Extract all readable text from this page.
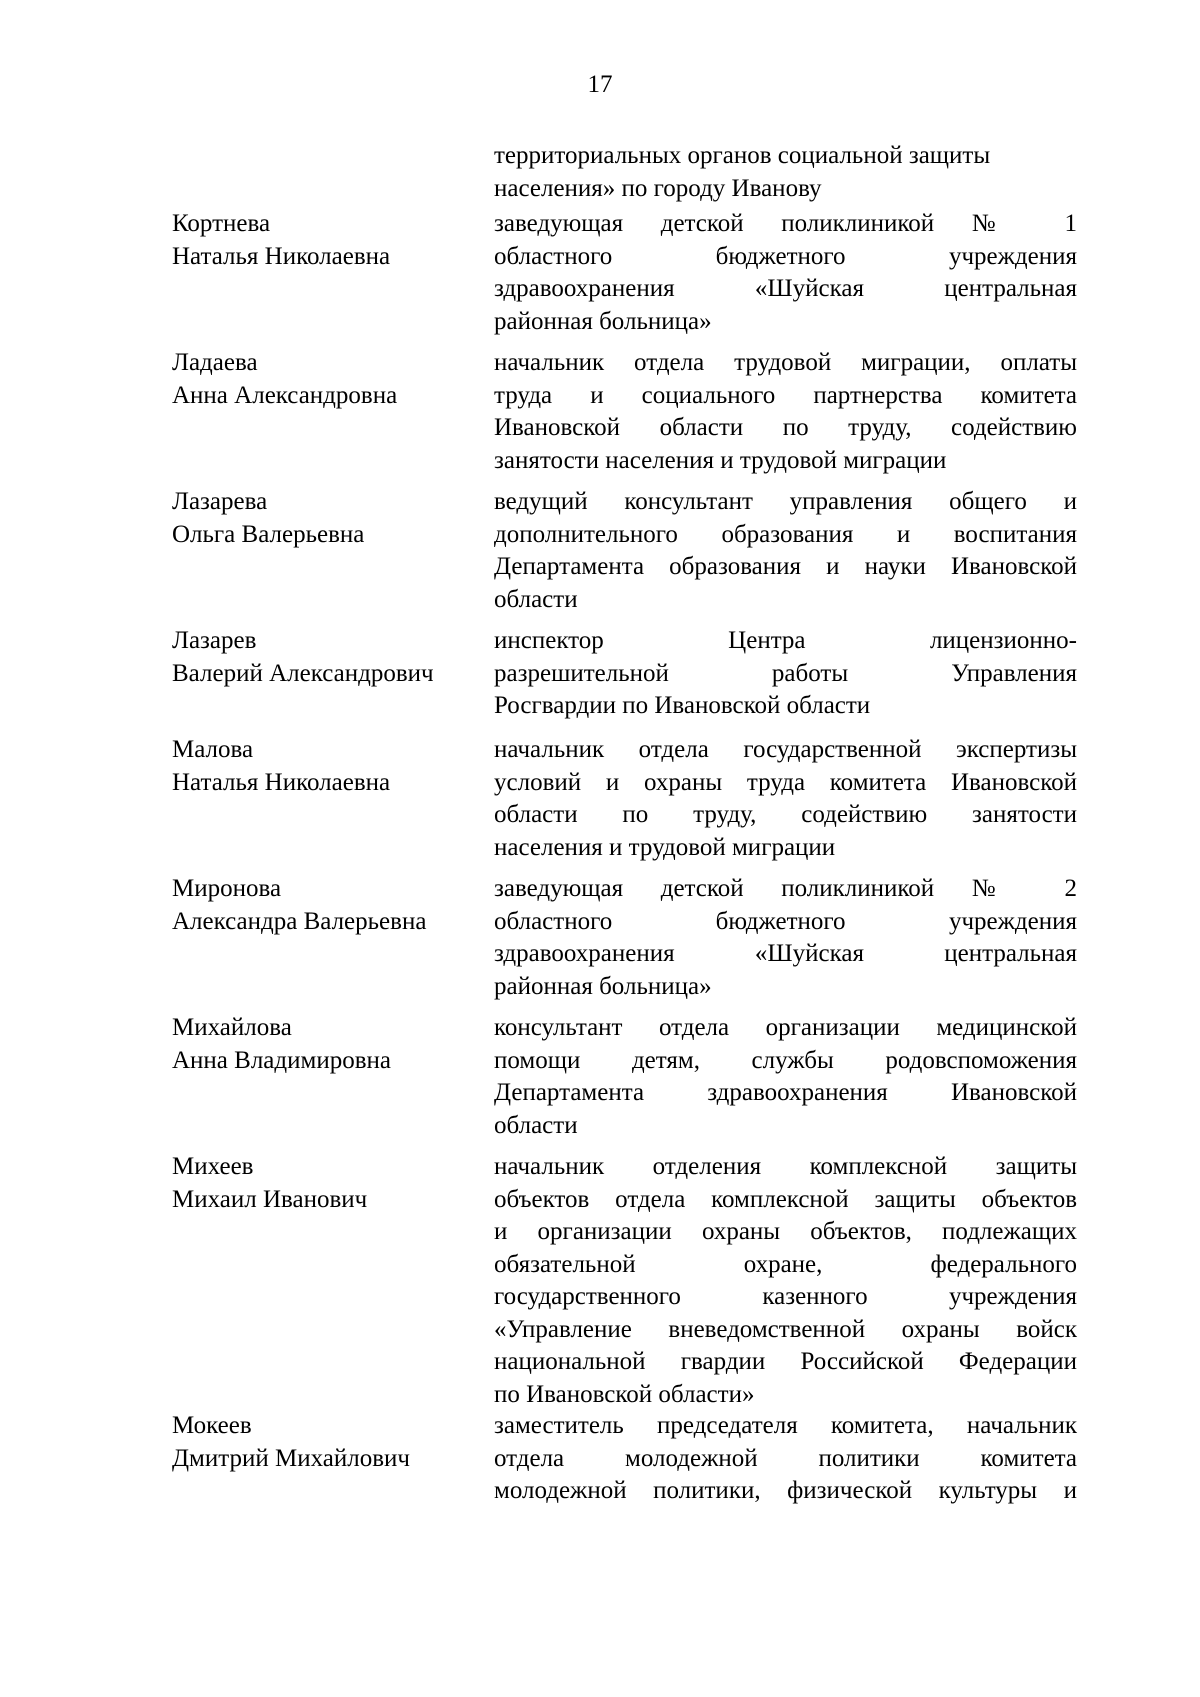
17
территориальных органов социальной защиты
населения» по городу Иванову
Кортнева
Наталья Николаевна
заведующая детской поликлиникой № 1
областного бюджетного учреждения
здравоохранения «Шуйская центральная
районная больница»
Ладаева
Анна Александровна
начальник отдела трудовой миграции, оплаты
труда и социального партнерства комитета
Ивановской области по труду, содействию
занятости населения и трудовой миграции
Лазарева
Ольга Валерьевна
ведущий консультант управления общего и
дополнительного образования и воспитания
Департамента образования и науки Ивановской
области
Лазарев
Валерий Александрович
инспектор Центра лицензионно-
разрешительной работы Управления
Росгвардии по Ивановской области
Малова
Наталья Николаевна
начальник отдела государственной экспертизы
условий и охраны труда комитета Ивановской
области по труду, содействию занятости
населения и трудовой миграции
Миронова
Александра Валерьевна
заведующая детской поликлиникой № 2
областного бюджетного учреждения
здравоохранения «Шуйская центральная
районная больница»
Михайлова
Анна Владимировна
консультант отдела организации медицинской
помощи детям, службы родовспоможения
Департамента здравоохранения Ивановской
области
Михеев
Михаил Иванович
начальник отделения комплексной защиты
объектов отдела комплексной защиты объектов
и организации охраны объектов, подлежащих
обязательной охране, федерального
государственного казенного учреждения
«Управление вневедомственной охраны войск
национальной гвардии Российской Федерации
по Ивановской области»
Мокеев
Дмитрий Михайлович
заместитель председателя комитета, начальник
отдела молодежной политики комитета
молодежной политики, физической культуры и
